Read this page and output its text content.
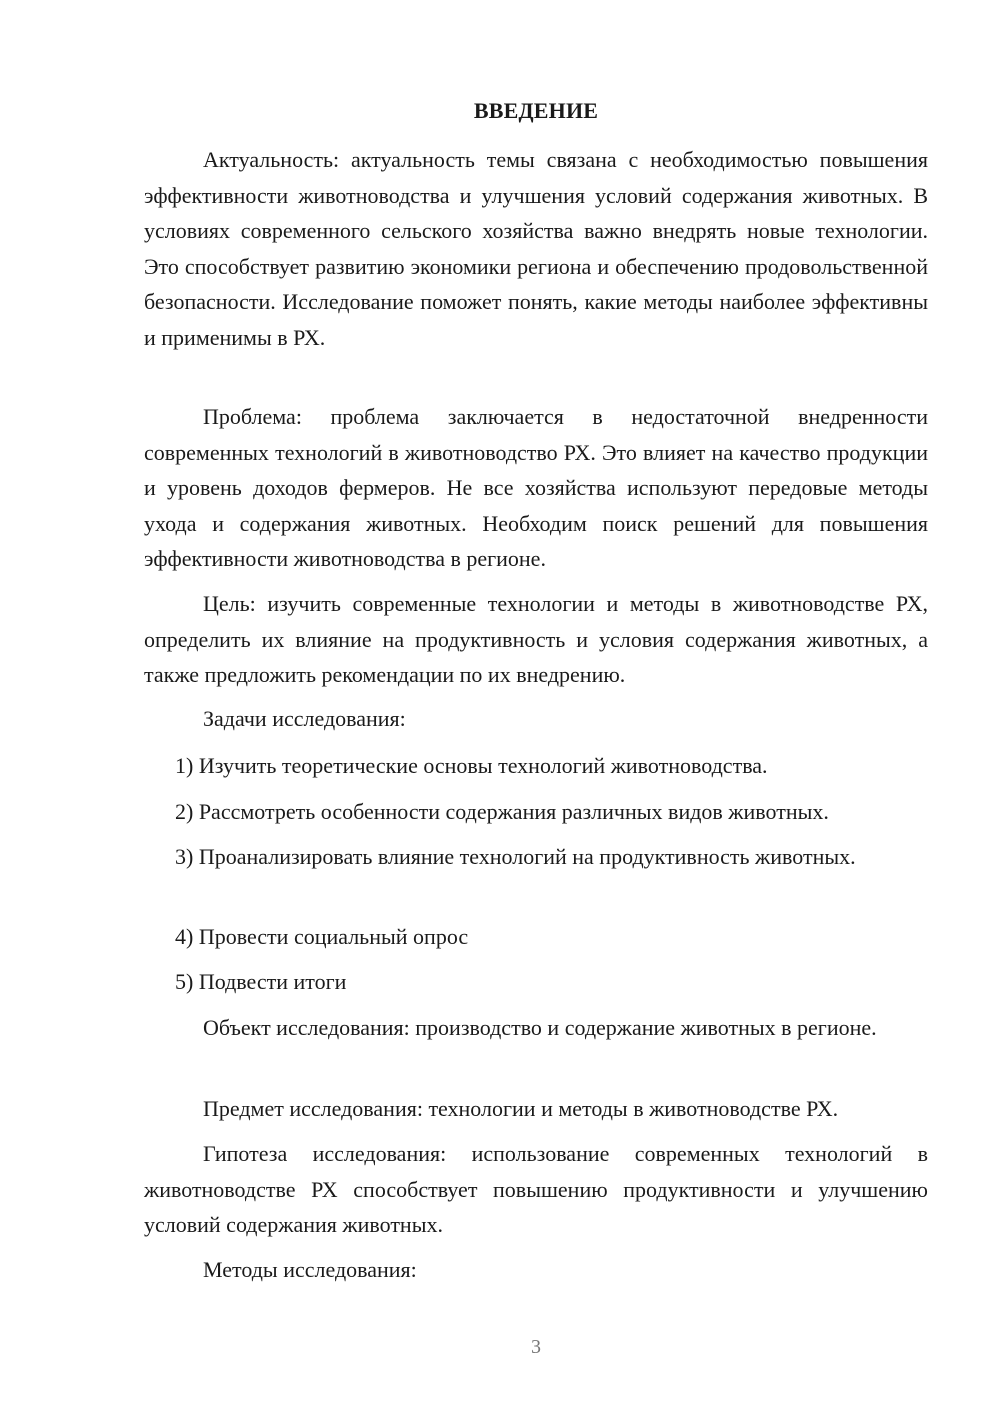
ВВЕДЕНИЕ

Актуальность: актуальность темы связана с необходимостью повышения эффективности животноводства и улучшения условий содержания животных. В условиях современного сельского хозяйства важно внедрять новые технологии. Это способствует развитию экономики региона и обеспечению продовольственной безопасности. Исследование поможет понять, какие методы наиболее эффективны и применимы в РХ.

Проблема: проблема заключается в недостаточной внедренности современных технологий в животноводство РХ. Это влияет на качество продукции и уровень доходов фермеров. Не все хозяйства используют передовые методы ухода и содержания животных. Необходим поиск решений для повышения эффективности животноводства в регионе.

Цель: изучить современные технологии и методы в животноводстве РХ, определить их влияние на продуктивность и условия содержания животных, а также предложить рекомендации по их внедрению.

Задачи исследования:

1) Изучить теоретические основы технологий животноводства.

2) Рассмотреть особенности содержания различных видов животных.

3) Проанализировать влияние технологий на продуктивность животных.

4) Провести социальный опрос

5) Подвести итоги

Объект исследования: производство и содержание животных в регионе.

Предмет исследования: технологии и методы в животноводстве РХ.

Гипотеза исследования: использование современных технологий в животноводстве РХ способствует повышению продуктивности и улучшению условий содержания животных.

Методы исследования:

3
